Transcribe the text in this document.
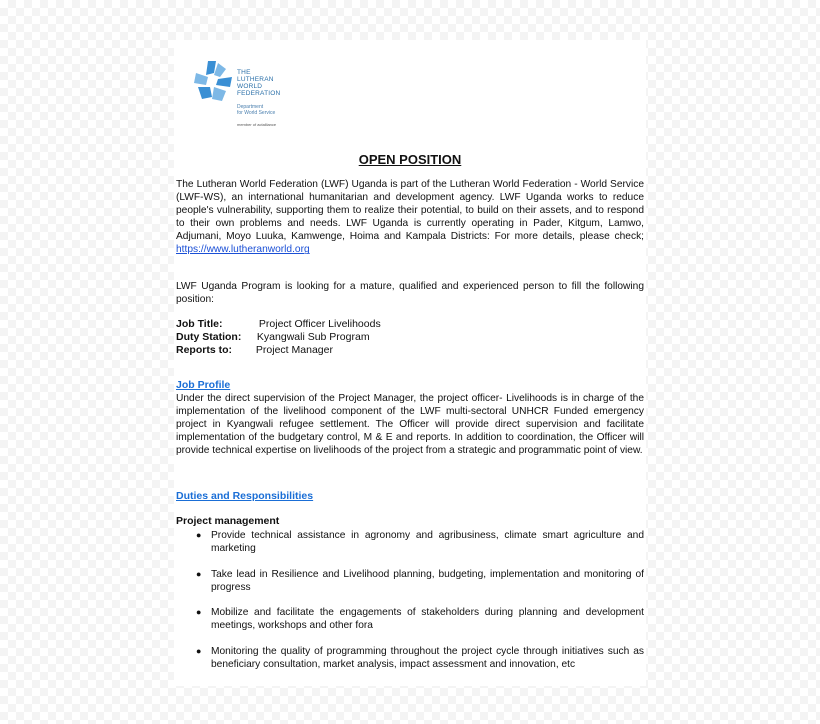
THE
LUTHERAN
WORLD
FEDERATION
Department
for World Service
member of actalliance
OPEN POSITION
The Lutheran World Federation (LWF) Uganda is part of the Lutheran World Federation - World Service (LWF-WS), an international humanitarian and development agency. LWF Uganda works to reduce people's vulnerability, supporting them to realize their potential, to build on their assets, and to respond to their own problems and needs. LWF Uganda is currently operating in Pader, Kitgum, Lamwo, Adjumani, Moyo Luuka, Kamwenge, Hoima and Kampala Districts: For more details, please check; https://www.lutheranworld.org
LWF Uganda Program is looking for a mature, qualified and experienced person to fill the following position:
Job Title:	Project Officer Livelihoods
Duty Station: Kyangwali Sub Program
Reports to: Project Manager
Job Profile
Under the direct supervision of the Project Manager, the project officer- Livelihoods is in charge of the implementation of the livelihood component of the LWF multi-sectoral UNHCR Funded emergency project in Kyangwali refugee settlement. The Officer will provide direct supervision and facilitate implementation of the budgetary control, M & E and reports. In addition to coordination, the Officer will provide technical expertise on livelihoods of the project from a strategic and programmatic point of view.
Duties and Responsibilities
Project management
● Provide technical assistance in agronomy and agribusiness, climate smart agriculture and marketing
● Take lead in Resilience and Livelihood planning, budgeting, implementation and monitoring of progress
● Mobilize and facilitate the engagements of stakeholders during planning and development meetings, workshops and other fora
● Monitoring the quality of programming throughout the project cycle through initiatives such as beneficiary consultation, market analysis, impact assessment and innovation, etc
